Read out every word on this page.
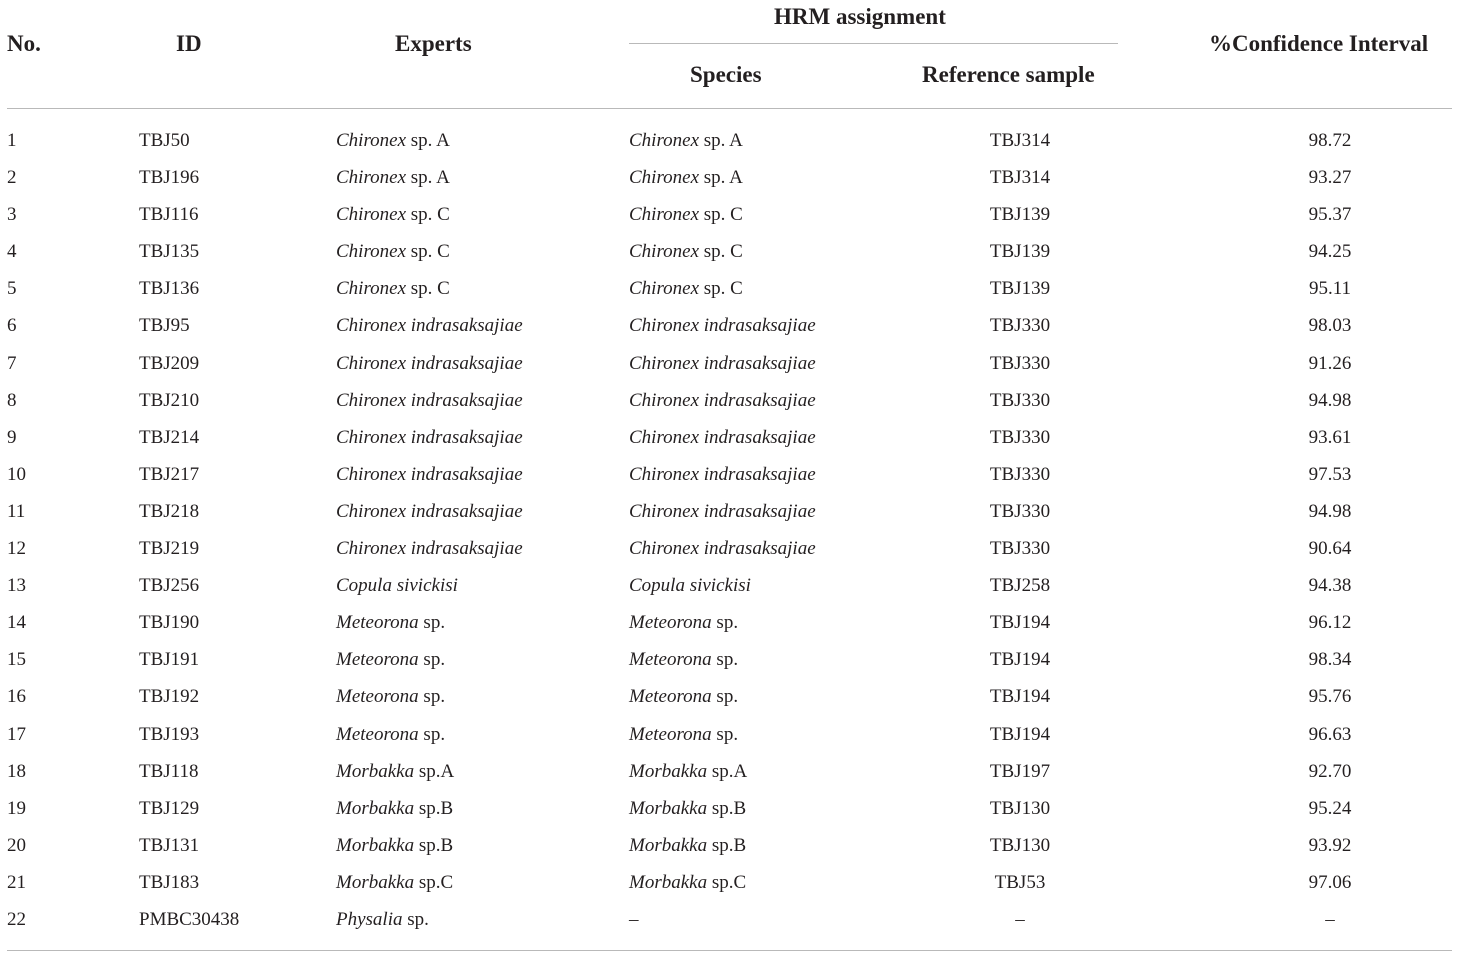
No.	ID	Experts
HRM assignment
Species	Reference sample
%Confidence Interval
1	TBJ50	Chironex sp. A	Chironex sp. A	TBJ314	98.72
2	TBJ196	Chironex sp. A	Chironex sp. A	TBJ314	93.27
3	TBJ116	Chironex sp. C	Chironex sp. C	TBJ139	95.37
4	TBJ135	Chironex sp. C	Chironex sp. C	TBJ139	94.25
5	TBJ136	Chironex sp. C	Chironex sp. C	TBJ139	95.11
6	TBJ95	Chironex indrasaksajiae	Chironex indrasaksajiae	TBJ330	98.03
7	TBJ209	Chironex indrasaksajiae	Chironex indrasaksajiae	TBJ330	91.26
8	TBJ210	Chironex indrasaksajiae	Chironex indrasaksajiae	TBJ330	94.98
9	TBJ214	Chironex indrasaksajiae	Chironex indrasaksajiae	TBJ330	93.61
10	TBJ217	Chironex indrasaksajiae	Chironex indrasaksajiae	TBJ330	97.53
11	TBJ218	Chironex indrasaksajiae	Chironex indrasaksajiae	TBJ330	94.98
12	TBJ219	Chironex indrasaksajiae	Chironex indrasaksajiae	TBJ330	90.64
13	TBJ256	Copula sivickisi	Copula sivickisi	TBJ258	94.38
14	TBJ190	Meteorona sp.	Meteorona sp.	TBJ194	96.12
15	TBJ191	Meteorona sp.	Meteorona sp.	TBJ194	98.34
16	TBJ192	Meteorona sp.	Meteorona sp.	TBJ194	95.76
17	TBJ193	Meteorona sp.	Meteorona sp.	TBJ194	96.63
18	TBJ118	Morbakka sp.A	Morbakka sp.A	TBJ197	92.70
19	TBJ129	Morbakka sp.B	Morbakka sp.B	TBJ130	95.24
20	TBJ131	Morbakka sp.B	Morbakka sp.B	TBJ130	93.92
21	TBJ183	Morbakka sp.C	Morbakka sp.C	TBJ53	97.06
22	PMBC30438	Physalia sp.	–	–	–
